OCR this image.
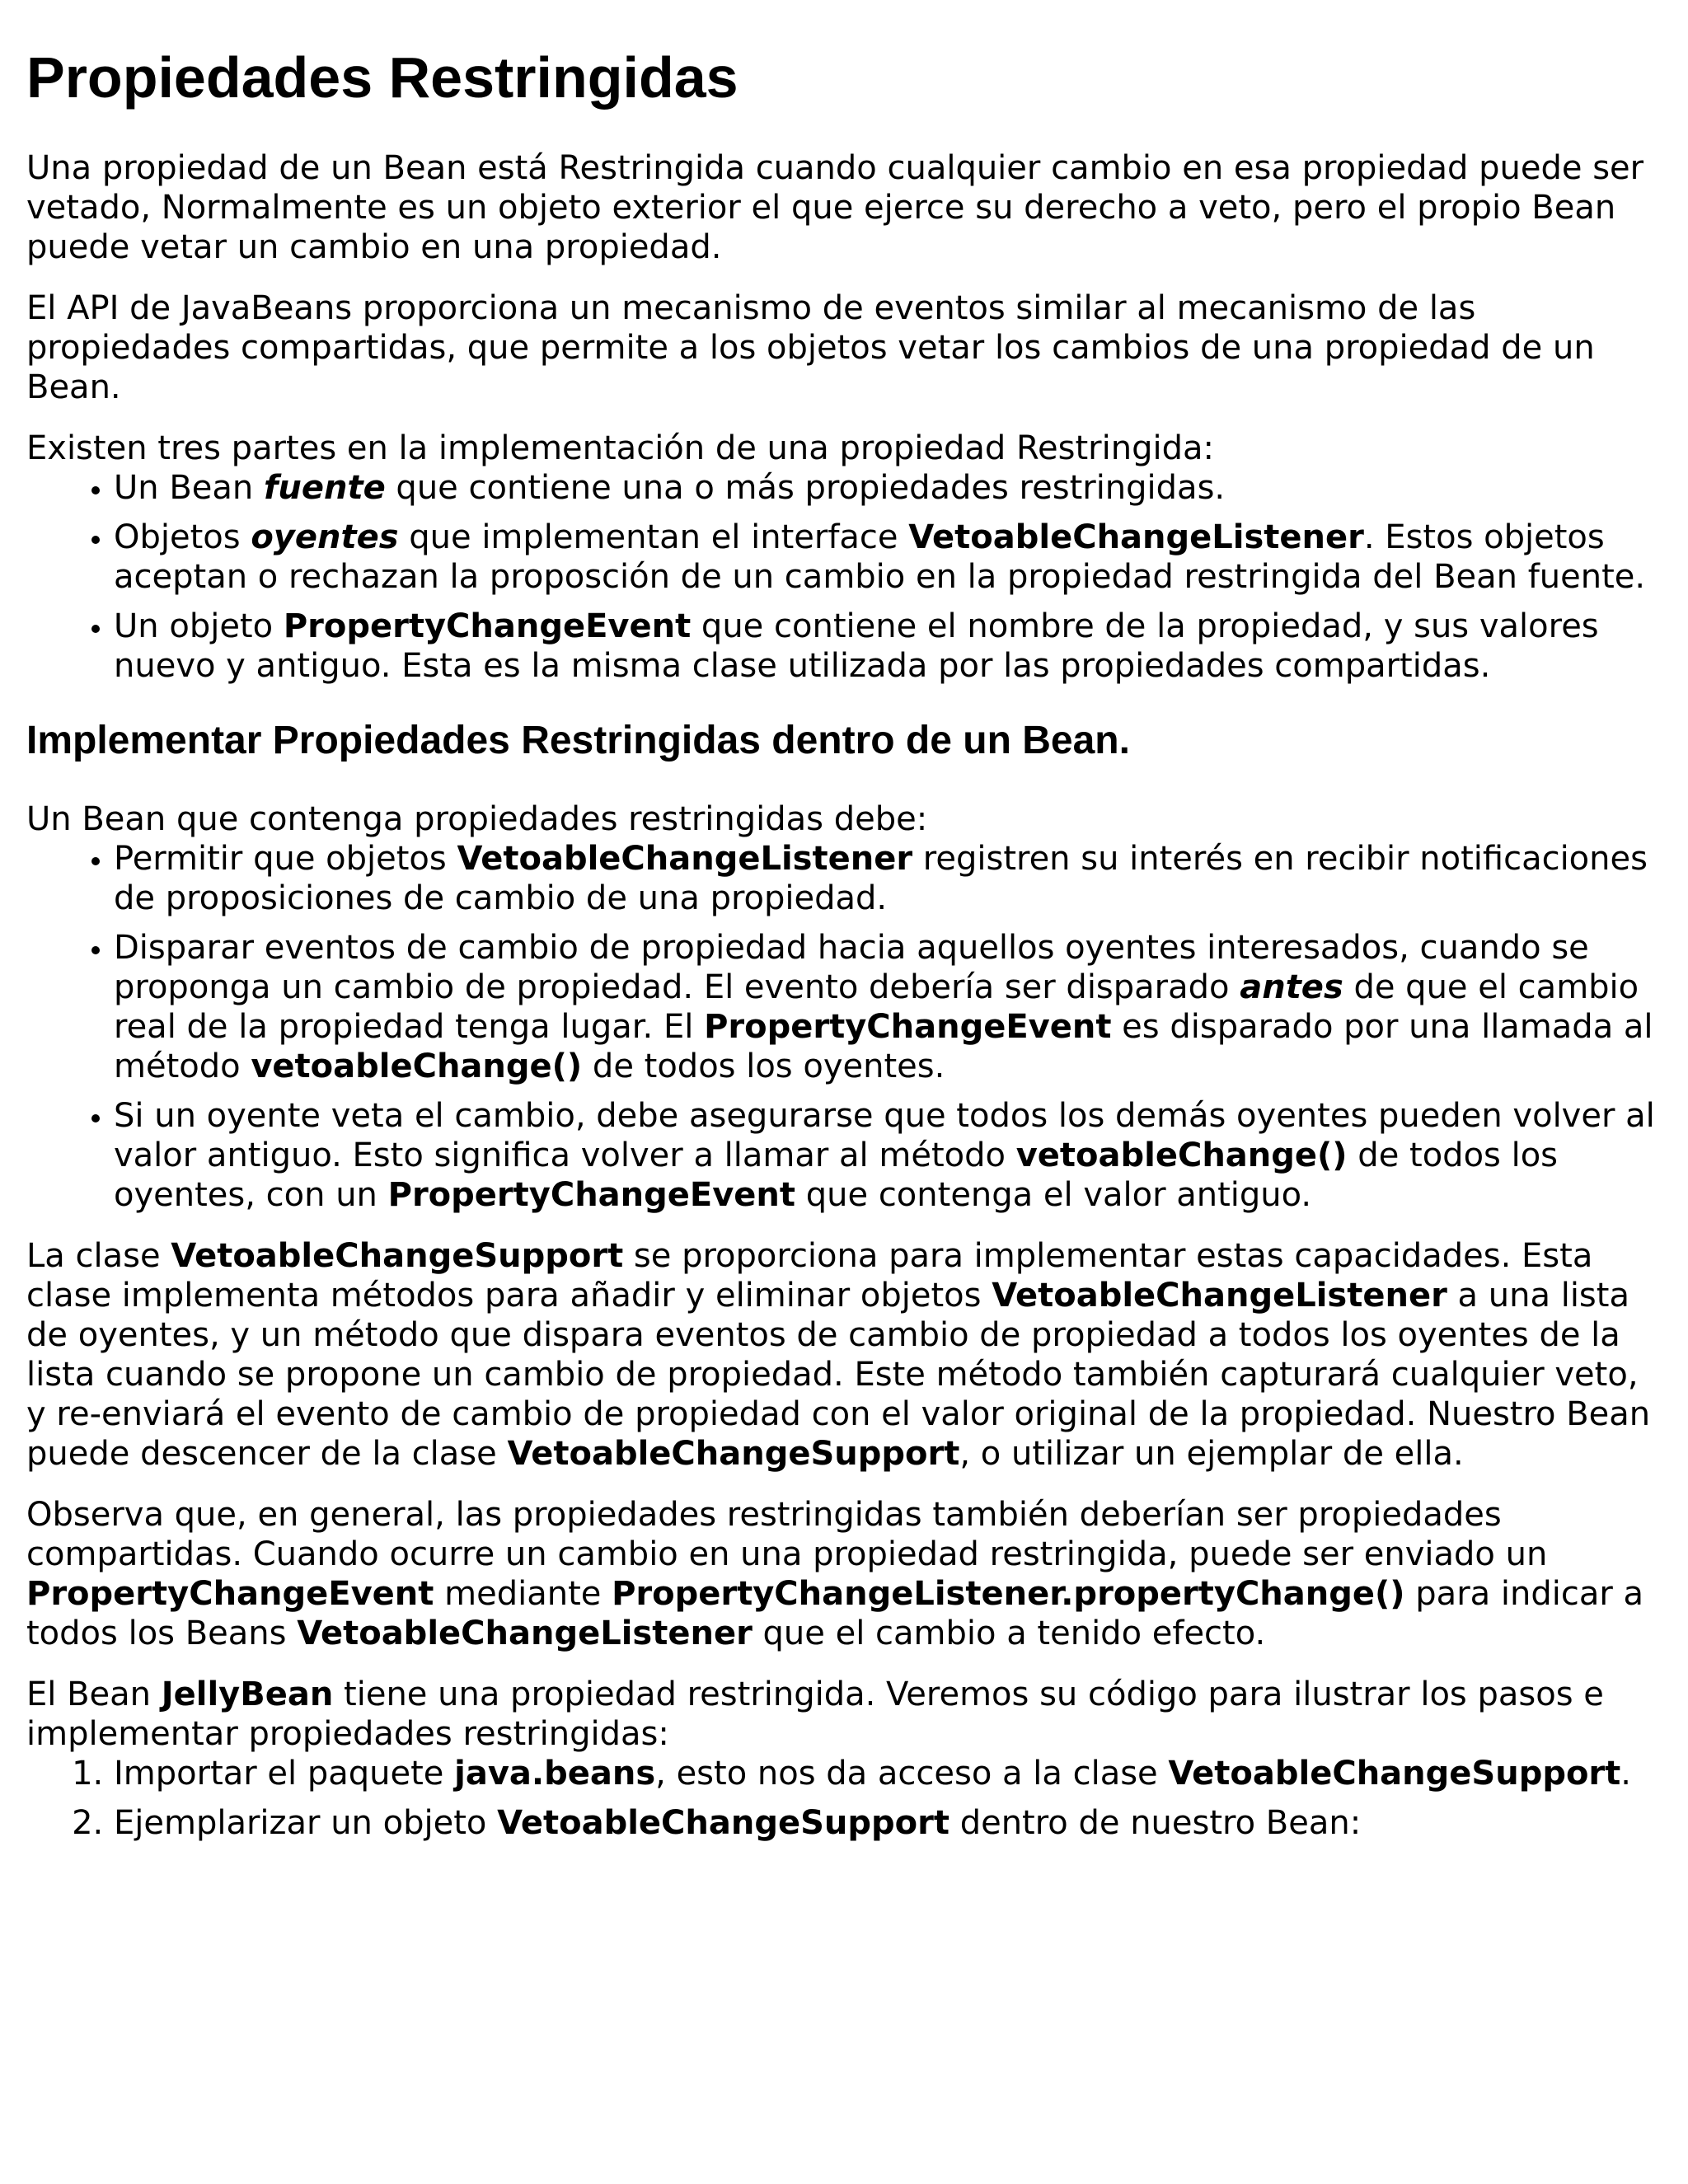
Propiedades Restringidas

Una propiedad de un Bean está Restringida cuando cualquier cambio en esa propiedad puede ser vetado, Normalmente es un objeto exterior el que ejerce su derecho a veto, pero el propio Bean puede vetar un cambio en una propiedad.

El API de JavaBeans proporciona un mecanismo de eventos similar al mecanismo de las propiedades compartidas, que permite a los objetos vetar los cambios de una propiedad de un Bean.

Existen tres partes en la implementación de una propiedad Restringida:

• Un Bean fuente que contiene una o más propiedades restringidas.
• Objetos oyentes que implementan el interface VetoableChangeListener. Estos objetos aceptan o rechazan la proposción de un cambio en la propiedad restringida del Bean fuente.
• Un objeto PropertyChangeEvent que contiene el nombre de la propiedad, y sus valores nuevo y antiguo. Esta es la misma clase utilizada por las propiedades compartidas.
Implementar Propiedades Restringidas dentro de un Bean.

Un Bean que contenga propiedades restringidas debe:

• Permitir que objetos VetoableChangeListener registren su interés en recibir notificaciones de proposiciones de cambio de una propiedad.
• Disparar eventos de cambio de propiedad hacia aquellos oyentes interesados, cuando se proponga un cambio de propiedad. El evento debería ser disparado antes de que el cambio real de la propiedad tenga lugar. El PropertyChangeEvent es disparado por una llamada al método vetoableChange() de todos los oyentes.
• Si un oyente veta el cambio, debe asegurarse que todos los demás oyentes pueden volver al valor antiguo. Esto significa volver a llamar al método vetoableChange() de todos los oyentes, con un PropertyChangeEvent que contenga el valor antiguo.

La clase VetoableChangeSupport se proporciona para implementar estas capacidades. Esta clase implementa métodos para añadir y eliminar objetos VetoableChangeListener a una lista de oyentes, y un método que dispara eventos de cambio de propiedad a todos los oyentes de la lista cuando se propone un cambio de propiedad. Este método también capturará cualquier veto, y re-enviará el evento de cambio de propiedad con el valor original de la propiedad. Nuestro Bean puede descencer de la clase VetoableChangeSupport, o utilizar un ejemplar de ella.

Observa que, en general, las propiedades restringidas también deberían ser propiedades compartidas. Cuando ocurre un cambio en una propiedad restringida, puede ser enviado un PropertyChangeEvent mediante PropertyChangeListener.propertyChange() para indicar a todos los Beans VetoableChangeListener que el cambio a tenido efecto.

El Bean JellyBean tiene una propiedad restringida. Veremos su código para ilustrar los pasos e implementar propiedades restringidas:

1. Importar el paquete java.beans, esto nos da acceso a la clase VetoableChangeSupport.
2. Ejemplarizar un objeto VetoableChangeSupport dentro de nuestro Bean:
